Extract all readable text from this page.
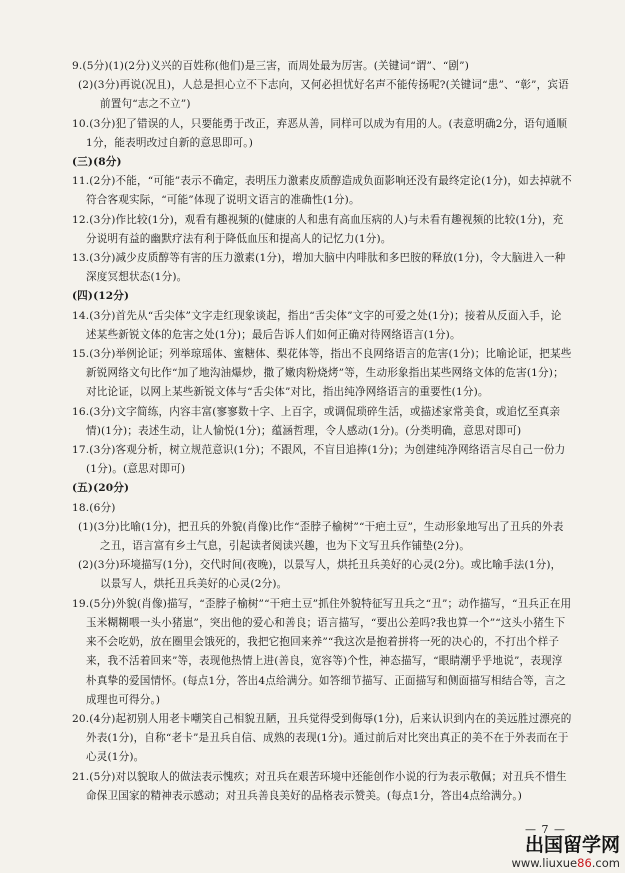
9.(5分)(1)(2分)义兴的百姓称(他们)是三害，而周处最为厉害。(关键词“谓”、“剧”)

(2)(3分)再说(况且)，人总是担心立不下志向，又何必担忧好名声不能传扬呢?(关键词“患”、“彰”，宾语前置句“志之不立”)

10.(3分)犯了错误的人，只要能勇于改正，弃恶从善，同样可以成为有用的人。(表意明确2分，语句通顺1分，能表明改过自新的意思即可。)

(三)(8分)

11.(2分)不能，“可能”表示不确定，表明压力激素皮质醇造成负面影响还没有最终定论(1分)，如去掉就不符合客观实际，“可能”体现了说明文语言的准确性(1分)。

12.(3分)作比较(1分)，观看有趣视频的(健康的人和患有高血压病的人)与未看有趣视频的比较(1分)，充分说明有益的幽默疗法有利于降低血压和提高人的记忆力(1分)。

13.(3分)减少皮质醇等有害的压力激素(1分)，增加大脑中内啡肽和多巴胺的释放(1分)，令大脑进入一种深度冥想状态(1分)。

(四)(12分)

14.(3分)首先从“舌尖体”文字走红现象谈起，指出“舌尖体”文字的可爱之处(1分)；接着从反面入手，论述某些新锐文体的危害之处(1分)；最后告诉人们如何正确对待网络语言(1分)。

15.(3分)举例论证；列举琼瑶体、蜜糖体、梨花体等，指出不良网络语言的危害(1分)；比喻论证，把某些新锐网络文句比作“加了地沟油爆炒，撒了嫩肉粉烧烤”等，生动形象指出某些网络文体的危害(1分)；对比论证，以网上某些新锐文体与“舌尖体”对比，指出纯净网络语言的重要性(1分)。

16.(3分)文字简练，内容丰富(寥寥数十字、上百字，或调侃琐碎生活，或描述家常美食，或追忆至真亲情)(1分)；表述生动，让人愉悦(1分)；蕴涵哲理，令人感动(1分)。(分类明确，意思对即可)

17.(3分)客观分析，树立规范意识(1分)；不跟风，不盲目追捧(1分)；为创建纯净网络语言尽自己一份力(1分)。(意思对即可)

(五)(20分)

18.(6分)

(1)(3分)比喻(1分)，把丑兵的外貌(肖像)比作“歪脖子榆树”“干疤土豆”，生动形象地写出了丑兵的外表之丑，语言富有乡土气息，引起读者阅读兴趣，也为下文写丑兵作铺垫(2分)。

(2)(3分)环境描写(1分)，交代时间(夜晚)，以景写人，烘托丑兵美好的心灵(2分)。或比喻手法(1分)，以景写人，烘托丑兵美好的心灵(2分)。

19.(5分)外貌(肖像)描写，“歪脖子榆树”“干疤土豆”抓住外貌特征写丑兵之“丑”；动作描写，“丑兵正在用玉米糊糊喂一头小猪崽”，突出他的爱心和善良；语言描写，“要出公差吗?我也算一个”“这头小猪生下来不会吃奶，放在圈里会饿死的，我把它抱回来养”“我这次是抱着拼将一死的决心的，不打出个样子来，我不活着回来”等，表现他热情上进(善良，宽容等)个性，神态描写，“眼睛潮乎乎地说”，表现淳朴真挚的爱国情怀。(每点1分，答出4点给满分。如答细节描写、正面描写和侧面描写相结合等，言之成理也可得分。)

20.(4分)起初别人用老卡嘲笑自己相貌丑陋，丑兵觉得受到侮辱(1分)，后来认识到内在的美远胜过漂亮的外表(1分)，自称“老卡”是丑兵自信、成熟的表现(1分)。通过前后对比突出真正的美不在于外表而在于心灵(1分)。

21.(5分)对以貌取人的做法表示愧疚；对丑兵在艰苦环境中还能创作小说的行为表示敬佩；对丑兵不惜生命保卫国家的精神表示感动；对丑兵善良美好的品格表示赞美。(每点1分，答出4点给满分。)

— 7 —
出国留学网
www.liuxue86.com
